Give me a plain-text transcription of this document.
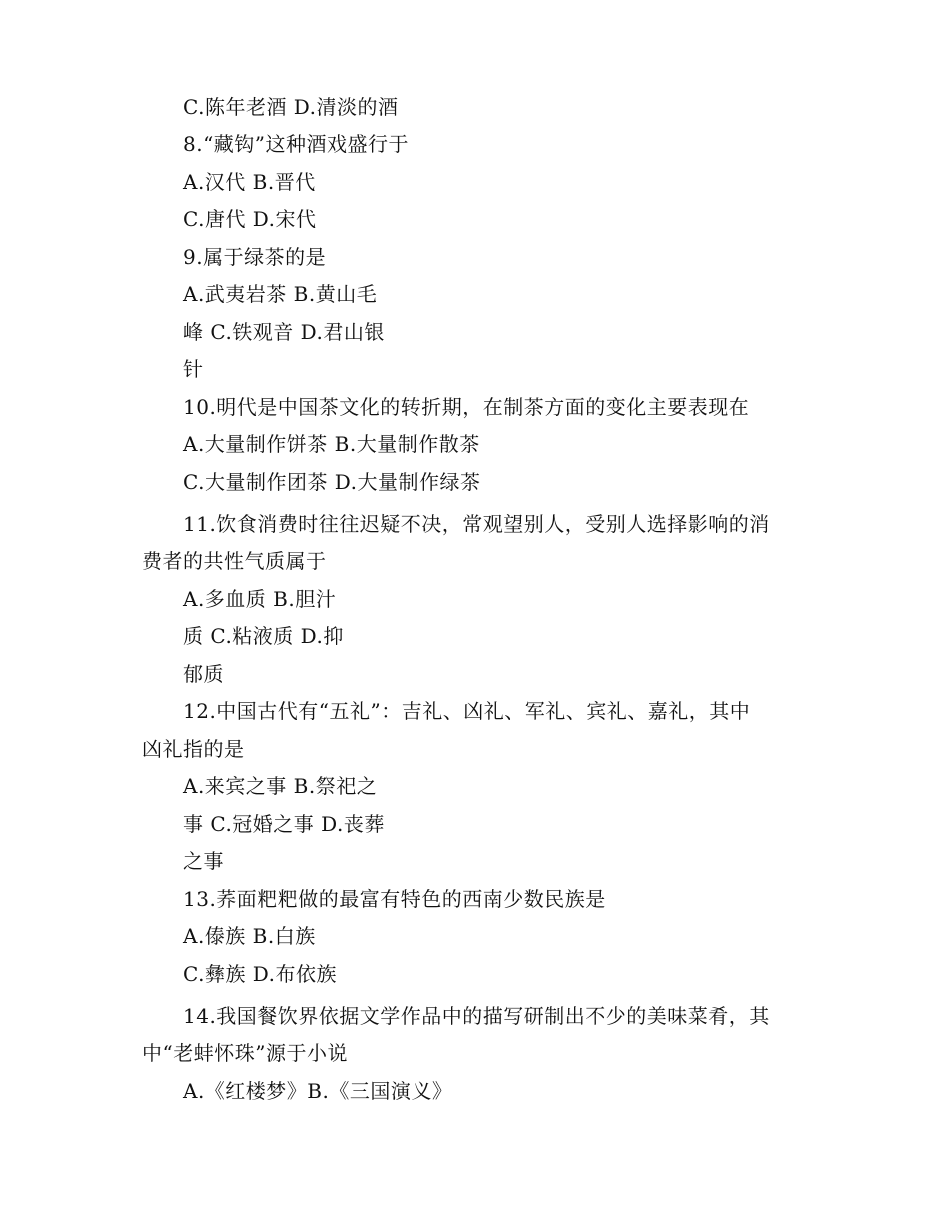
C.陈年老酒 D.清淡的酒
8.“藏钩”这种酒戏盛行于
A.汉代 B.晋代
C.唐代 D.宋代
9.属于绿茶的是
A.武夷岩茶 B.黄山毛
峰 C.铁观音 D.君山银
针
10.明代是中国茶文化的转折期，在制茶方面的变化主要表现在
A.大量制作饼茶 B.大量制作散茶
C.大量制作团茶 D.大量制作绿茶
11.饮食消费时往往迟疑不决，常观望别人，受别人选择影响的消
费者的共性气质属于
A.多血质 B.胆汁
质 C.粘液质 D.抑
郁质
12.中国古代有“五礼”：吉礼、凶礼、军礼、宾礼、嘉礼，其中
凶礼指的是
A.来宾之事 B.祭祀之
事 C.冠婚之事 D.丧葬
之事
13.荞面粑粑做的最富有特色的西南少数民族是
A.傣族 B.白族
C.彝族 D.布依族
14.我国餐饮界依据文学作品中的描写研制出不少的美味菜肴，其
中“老蚌怀珠”源于小说
A.《红楼梦》B.《三国演义》
